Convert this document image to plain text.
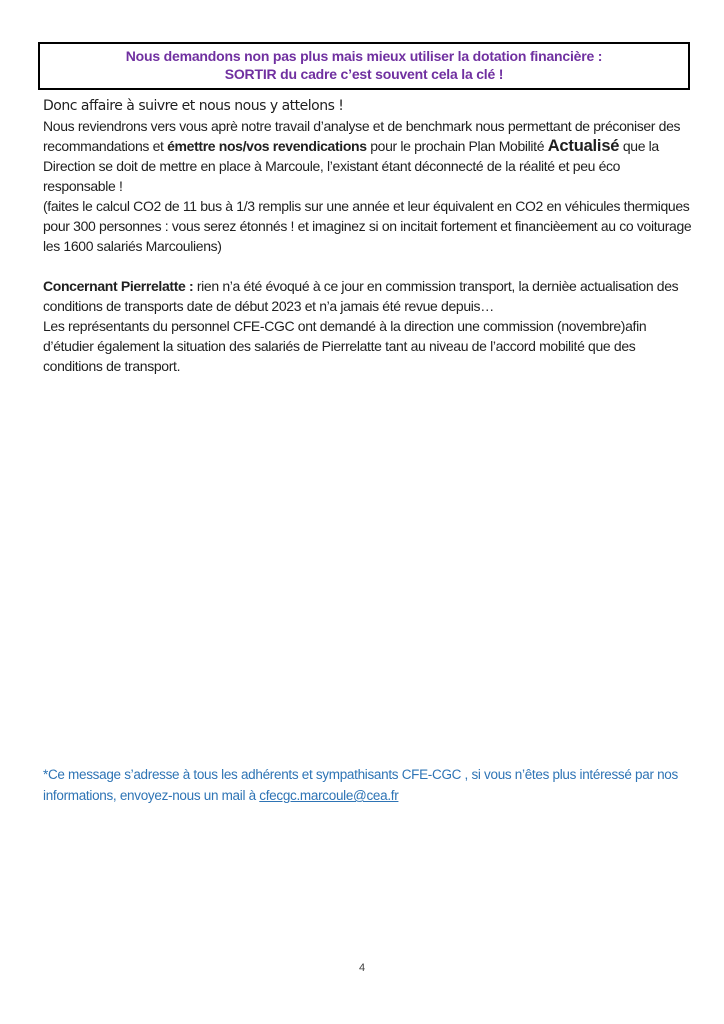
Nous demandons non pas plus mais mieux utiliser la dotation financière :
SORTIR du cadre c’est souvent cela la clé !
Donc affaire à suivre et nous nous y attelons !

Nous reviendrons vers vous aprè notre travail d’analyse et de benchmark nous permettant de préconiser des recommandations et émettre nos/vos revendications pour le prochain Plan Mobilité Actualisé que la Direction se doit de mettre en place à Marcoule, l’existant étant déconnecté de la réalité et peu éco responsable !

(faites le calcul CO2 de 11 bus à 1/3 remplis sur une année et leur équivalent en CO2 en véhicules thermiques pour 300 personnes : vous serez étonnés ! et imaginez si on incitait fortement et financièement au co voiturage les 1600 salariés Marcouliens)

Concernant Pierrelatte : rien n’a été évoqué à ce jour en commission transport, la dernièe actualisation des conditions de transports date de début 2023 et n’a jamais été revue depuis…

Les représentants du personnel CFE-CGC ont demandé à la direction une commission (novembre)afin d’étudier également la situation des salariés de Pierrelatte tant au niveau de l’accord mobilité que des conditions de transport.

*Ce message s’adresse à tous les adhérents et sympathisants CFE-CGC , si vous n’êtes plus intéressé par nos informations, envoyez-nous un mail à cfecgc.marcoule@cea.fr
4
